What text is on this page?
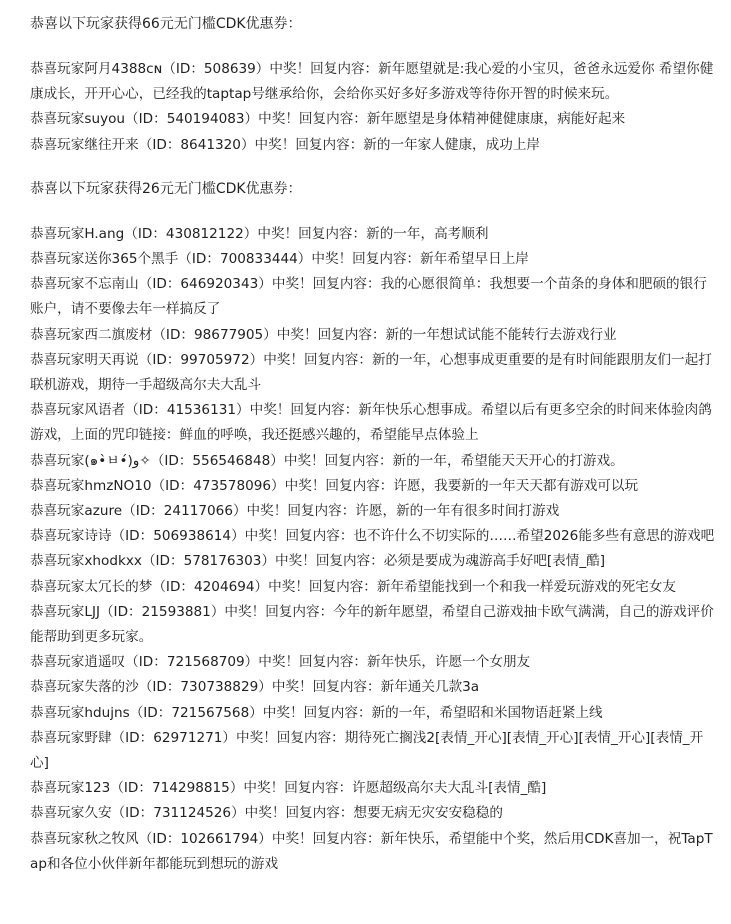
恭喜以下玩家获得66元无门槛CDK优惠券：

恭喜玩家阿月4388ᴄɴ（ID：508639）中奖！回复内容：新年愿望就是:我心爱的小宝贝，爸爸永远爱你 希望你健康成长，开开心心，已经我的taptap号继承给你，会给你买好多好多游戏等待你开智的时候来玩。

恭喜玩家suyou（ID：540194083）中奖！回复内容：新年愿望是身体精神健健康康，病能好起来

恭喜玩家继往开来（ID：8641320）中奖！回复内容：新的一年家人健康，成功上岸

恭喜以下玩家获得26元无门槛CDK优惠券：

恭喜玩家H.ang（ID：430812122）中奖！回复内容：新的一年，高考顺利

恭喜玩家送你365个黑手（ID：700833444）中奖！回复内容：新年希望早日上岸

恭喜玩家不忘南山（ID：646920343）中奖！回复内容：我的心愿很简单：我想要一个苗条的身体和肥硕的银行账户，请不要像去年一样搞反了

恭喜玩家西二旗废材（ID：98677905）中奖！回复内容：新的一年想试试能不能转行去游戏行业

恭喜玩家明天再说（ID：99705972）中奖！回复内容：新的一年，心想事成更重要的是有时间能跟朋友们一起打联机游戏，期待一手超级高尔夫大乱斗

恭喜玩家风语者（ID：41536131）中奖！回复内容：新年快乐心想事成。希望以后有更多空余的时间来体验肉鸽游戏，上面的咒印链接：鲜血的呼唤，我还挺感兴趣的，希望能早点体验上

恭喜玩家(๑•̀ㅂ•́)و✧（ID：556546848）中奖！回复内容：新的一年，希望能天天开心的打游戏。

恭喜玩家hmzNO10（ID：473578096）中奖！回复内容：许愿，我要新的一年天天都有游戏可以玩

恭喜玩家azure（ID：24117066）中奖！回复内容：许愿，新的一年有很多时间打游戏

恭喜玩家诗诗（ID：506938614）中奖！回复内容：也不许什么不切实际的……希望2026能多些有意思的游戏吧

恭喜玩家xhodkxx（ID：578176303）中奖！回复内容：必须是要成为魂游高手好吧[表情_酷]

恭喜玩家太冗长的梦（ID：4204694）中奖！回复内容：新年希望能找到一个和我一样爱玩游戏的死宅女友

恭喜玩家LJJ（ID：21593881）中奖！回复内容：今年的新年愿望，希望自己游戏抽卡欧气满满，自己的游戏评价能帮助到更多玩家。

恭喜玩家逍遥叹（ID：721568709）中奖！回复内容：新年快乐，许愿一个女朋友

恭喜玩家失落的沙（ID：730738829）中奖！回复内容：新年通关几款3a

恭喜玩家hdujns（ID：721567568）中奖！回复内容：新的一年，希望昭和米国物语赶紧上线

恭喜玩家野肆（ID：62971271）中奖！回复内容：期待死亡搁浅2[表情_开心][表情_开心][表情_开心][表情_开心]

恭喜玩家123（ID：714298815）中奖！回复内容：许愿超级高尔夫大乱斗[表情_酷]

恭喜玩家久安（ID：731124526）中奖！回复内容：想要无病无灾安安稳稳的

恭喜玩家秋之牧风（ID：102661794）中奖！回复内容：新年快乐，希望能中个奖，然后用CDK喜加一，祝TapTap和各位小伙伴新年都能玩到想玩的游戏
